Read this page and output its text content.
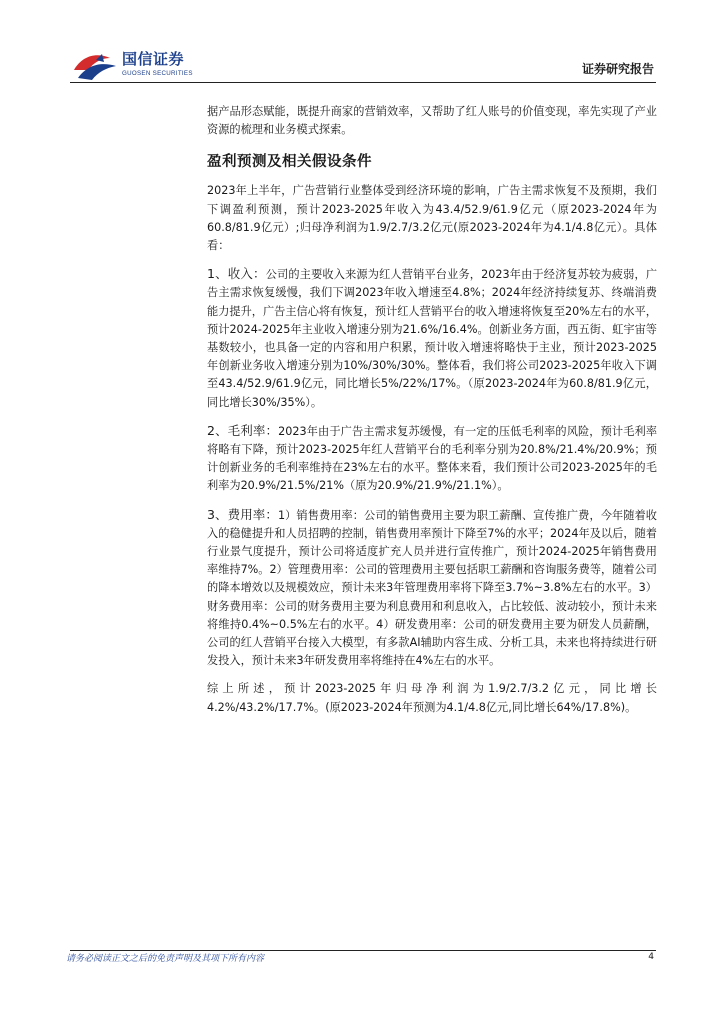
国信证券
GUOSEN SECURITIES	证券研究报告

据产品形态赋能，既提升商家的营销效率，又帮助了红人账号的价值变现，率先实现了产业资源的梳理和业务模式探索。

盈利预测及相关假设条件

2023年上半年，广告营销行业整体受到经济环境的影响，广告主需求恢复不及预期，我们下调盈利预测，预计2023-2025年收入为43.4/52.9/61.9亿元（原2023-2024年为60.8/81.9亿元）;归母净利润为1.9/2.7/3.2亿元(原2023-2024年为4.1/4.8亿元）。具体看：

1、收入：公司的主要收入来源为红人营销平台业务，2023年由于经济复苏较为疲弱，广告主需求恢复缓慢，我们下调2023年收入增速至4.8%；2024年经济持续复苏、终端消费能力提升，广告主信心将有恢复，预计红人营销平台的收入增速将恢复至20%左右的水平，预计2024-2025年主业收入增速分别为21.6%/16.4%。创新业务方面，西五街、虹宇宙等基数较小，也具备一定的内容和用户积累，预计收入增速将略快于主业，预计2023-2025年创新业务收入增速分别为10%/30%/30%。整体看，我们将公司2023-2025年收入下调至43.4/52.9/61.9亿元，同比增长5%/22%/17%。（原2023-2024年为60.8/81.9亿元，同比增长30%/35%）。

2、毛利率：2023年由于广告主需求复苏缓慢，有一定的压低毛利率的风险，预计毛利率将略有下降，预计2023-2025年红人营销平台的毛利率分别为20.8%/21.4%/20.9%；预计创新业务的毛利率维持在23%左右的水平。整体来看，我们预计公司2023-2025年的毛利率为20.9%/21.5%/21%（原为20.9%/21.9%/21.1%）。

3、费用率：1）销售费用率：公司的销售费用主要为职工薪酬、宣传推广费，今年随着收入的稳健提升和人员招聘的控制，销售费用率预计下降至7%的水平；2024年及以后，随着行业景气度提升，预计公司将适度扩充人员并进行宣传推广，预计2024-2025年销售费用率维持7%。2）管理费用率：公司的管理费用主要包括职工薪酬和咨询服务费等，随着公司的降本增效以及规模效应，预计未来3年管理费用率将下降至3.7%~3.8%左右的水平。3）财务费用率：公司的财务费用主要为利息费用和利息收入，占比较低、波动较小，预计未来将维持0.4%~0.5%左右的水平。4）研发费用率：公司的研发费用主要为研发人员薪酬，公司的红人营销平台接入大模型，有多款AI辅助内容生成、分析工具，未来也将持续进行研发投入，预计未来3年研发费用率将维持在4%左右的水平。

综上所述，预计2023-2025年归母净利润为1.9/2.7/3.2亿元，同比增长4.2%/43.2%/17.7%。(原2023-2024年预测为4.1/4.8亿元,同比增长64%/17.8%)。

请务必阅读正文之后的免责声明及其项下所有内容	4
